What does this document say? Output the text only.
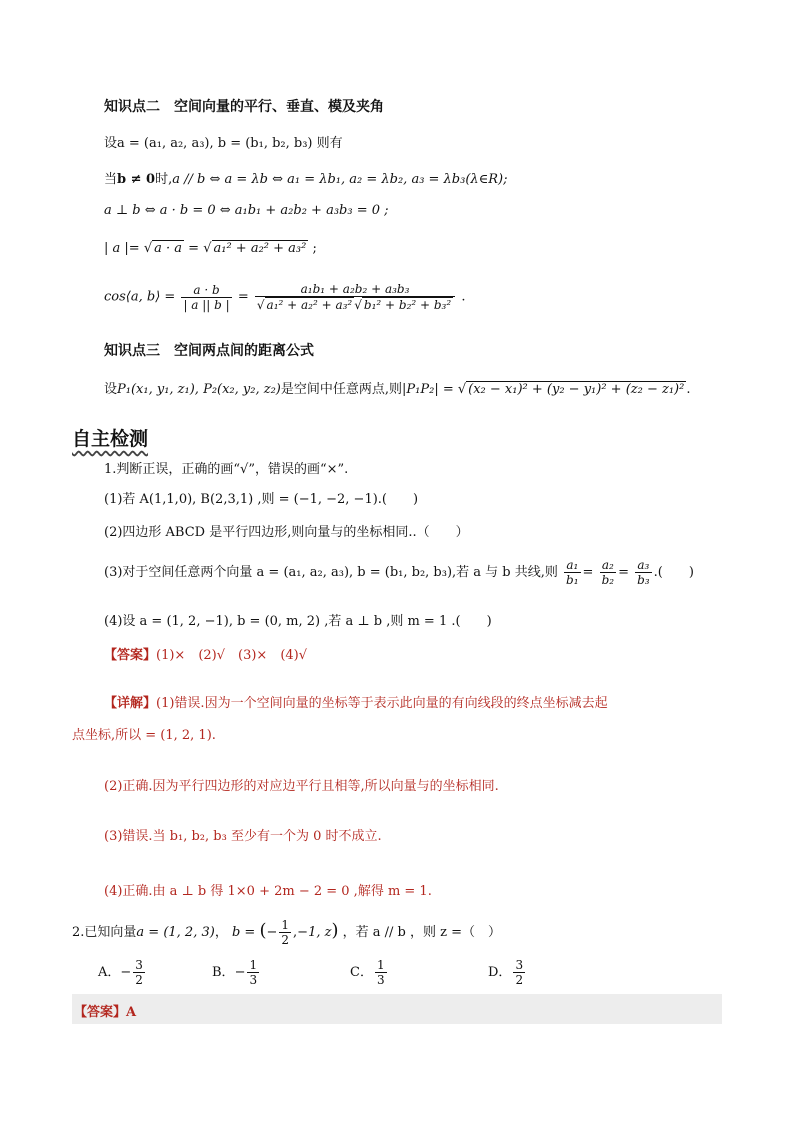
知识点二　空间向量的平行、垂直、模及夹角
设a = (a₁, a₂, a₃), b = (b₁, b₂, b₃) 则有
当b ≠ 0时,a // b ⇔ a = λb ⇔ a₁ = λb₁, a₂ = λb₂, a₃ = λb₃(λ∈R);
a ⊥ b ⇔ a · b = 0 ⇔ a₁b₁ + a₂b₂ + a₃b₃ = 0 ;
| a |= √ a · a = √ a₁² + a₂² + a₃² ;
cos⟨a, b⟩ = $\frac{a \cdot b}{| a || b |} = a_1b_1 + a_2b_2 + a_3b_3$
√ a₁² + a₂² + a₃² √ b₁² + b₂² + b₃² .
知识点三　空间两点间的距离公式
设P₁(x₁, y₁, z₁), P₂(x₂, y₂, z₂)是空间中任意两点,则|P₁P₂| = √ (x₂ − x₁)² + (y₂ − y₁)² + (z₂ − z₁)² .
自主检测
1.判断正误，正确的画“√”，错误的画“×”.
(1)若 A(1,1,0), B(2,3,1) ,则 = (−1, −2, −1).(　　)
(2)四边形 ABCD 是平行四边形,则向量与的坐标相同..（　　）
(3)对于空间任意两个向量 a = (a₁, a₂, a₃), b = (b₁, b₂, b₃),若 a 与 b 共线,则 $\frac{\text{a₁}}{\text{b₁}} = \frac{\text{a₂}}{\text{b₂}} = \frac{\text{a₃}}{\text{b₃}}$ .(　　)
(4)设 a = (1, 2, −1), b = (0, m, 2) ,若 a ⊥ b ,则 m = 1 .(　　)
【答案】(1)×　(2)√　(3)×　(4)√
【详解】(1)错误.因为一个空间向量的坐标等于表示此向量的有向线段的终点坐标减去起
点坐标,所以 = (1, 2, 1).
(2)正确.因为平行四边形的对应边平行且相等,所以向量与的坐标相同.
(3)错误.当 b₁, b₂, b₃ 至少有一个为 0 时不成立.
(4)正确.由 a ⊥ b 得 1×0 + 2m − 2 = 0 ,解得 m = 1.
2.已知向量a = (1, 2, 3)， b = (− $\frac{1}{2} ,-1$, z) ，若 a // b ，则 z =（　）
A．− $\frac{3}{2}$	B．− $\frac{1}{3}$	C． $\frac{1}{3}$	D． $\frac{3}{2}$
【答案】A
